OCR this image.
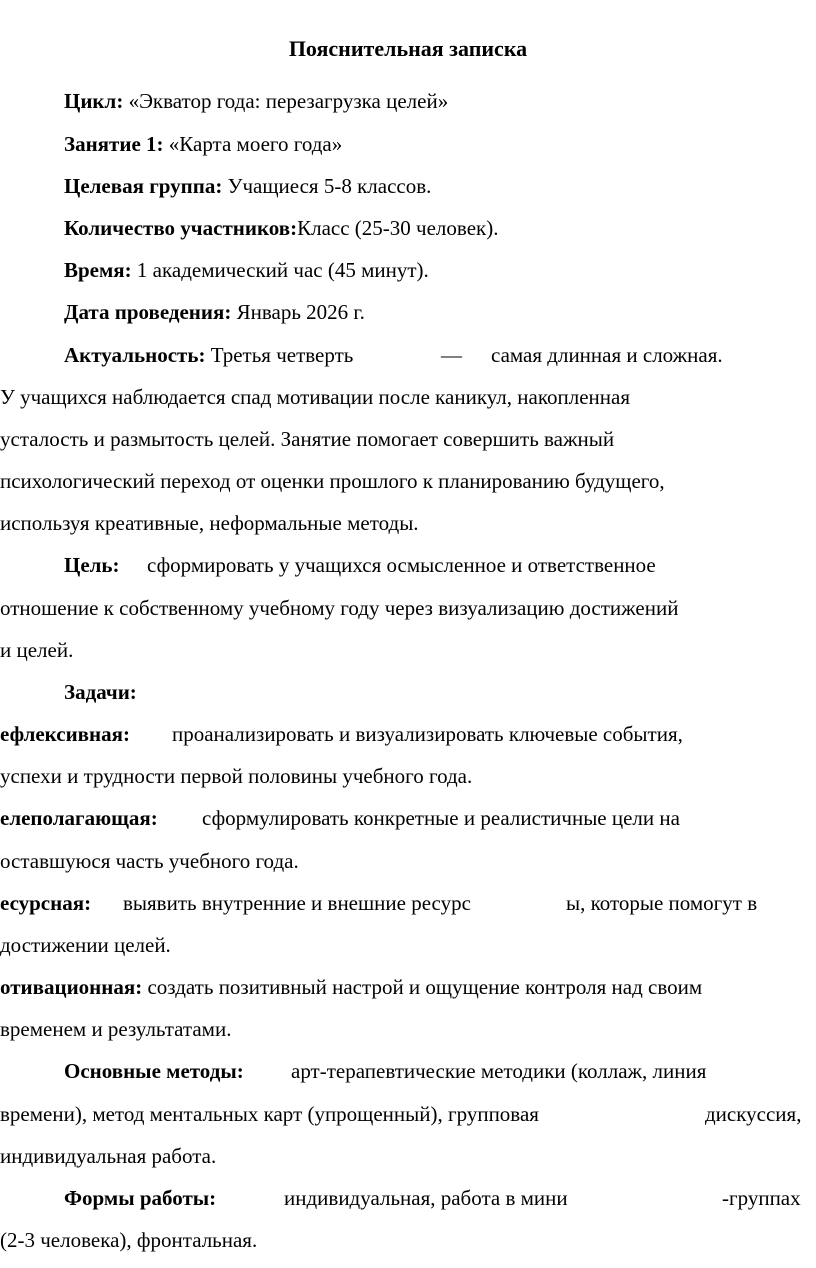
Пояснительная записка
Цикл: «Экватор года: перезагрузка целей»
Занятие 1: «Карта моего года»
Целевая группа: Учащиеся 5-8 классов.
Количество участников:Класс (25-30 человек).
Время: 1 академический час (45 минут).
Дата проведения: Январь 2026 г.
Актуальность: Третья четверть	— самая длинная и сложная.
У учащихся наблюдается спад мотивации после каникул, накопленная
усталость и размытость целей. Занятие помогает совершить важный
психологический переход от оценки прошлого к планированию будущего,
используя креативные, неформальные методы.
Цель: сформировать у учащихся осмысленное и ответственное
отношение к собственному учебному году через визуализацию достижений
и целей.
Задачи:
ефлексивная: проанализировать и визуализировать ключевые события,
успехи и трудности первой половины учебного года.
елеполагающая: сформулировать конкретные и реалистичные цели на
оставшуюся часть учебного года.
есурсная: выявить внутренние и внешние ресурс	ы, которые помогут в
достижении целей.
отивационная: создать позитивный настрой и ощущение контроля над своим
временем и результатами.
Основные методы: арт-терапевтические методики (коллаж, линия
времени), метод ментальных карт (упрощенный), групповая	дискуссия,
индивидуальная работа.
Формы работы:	индивидуальная, работа в мини	-группах
(2-3 человека), фронтальная.
